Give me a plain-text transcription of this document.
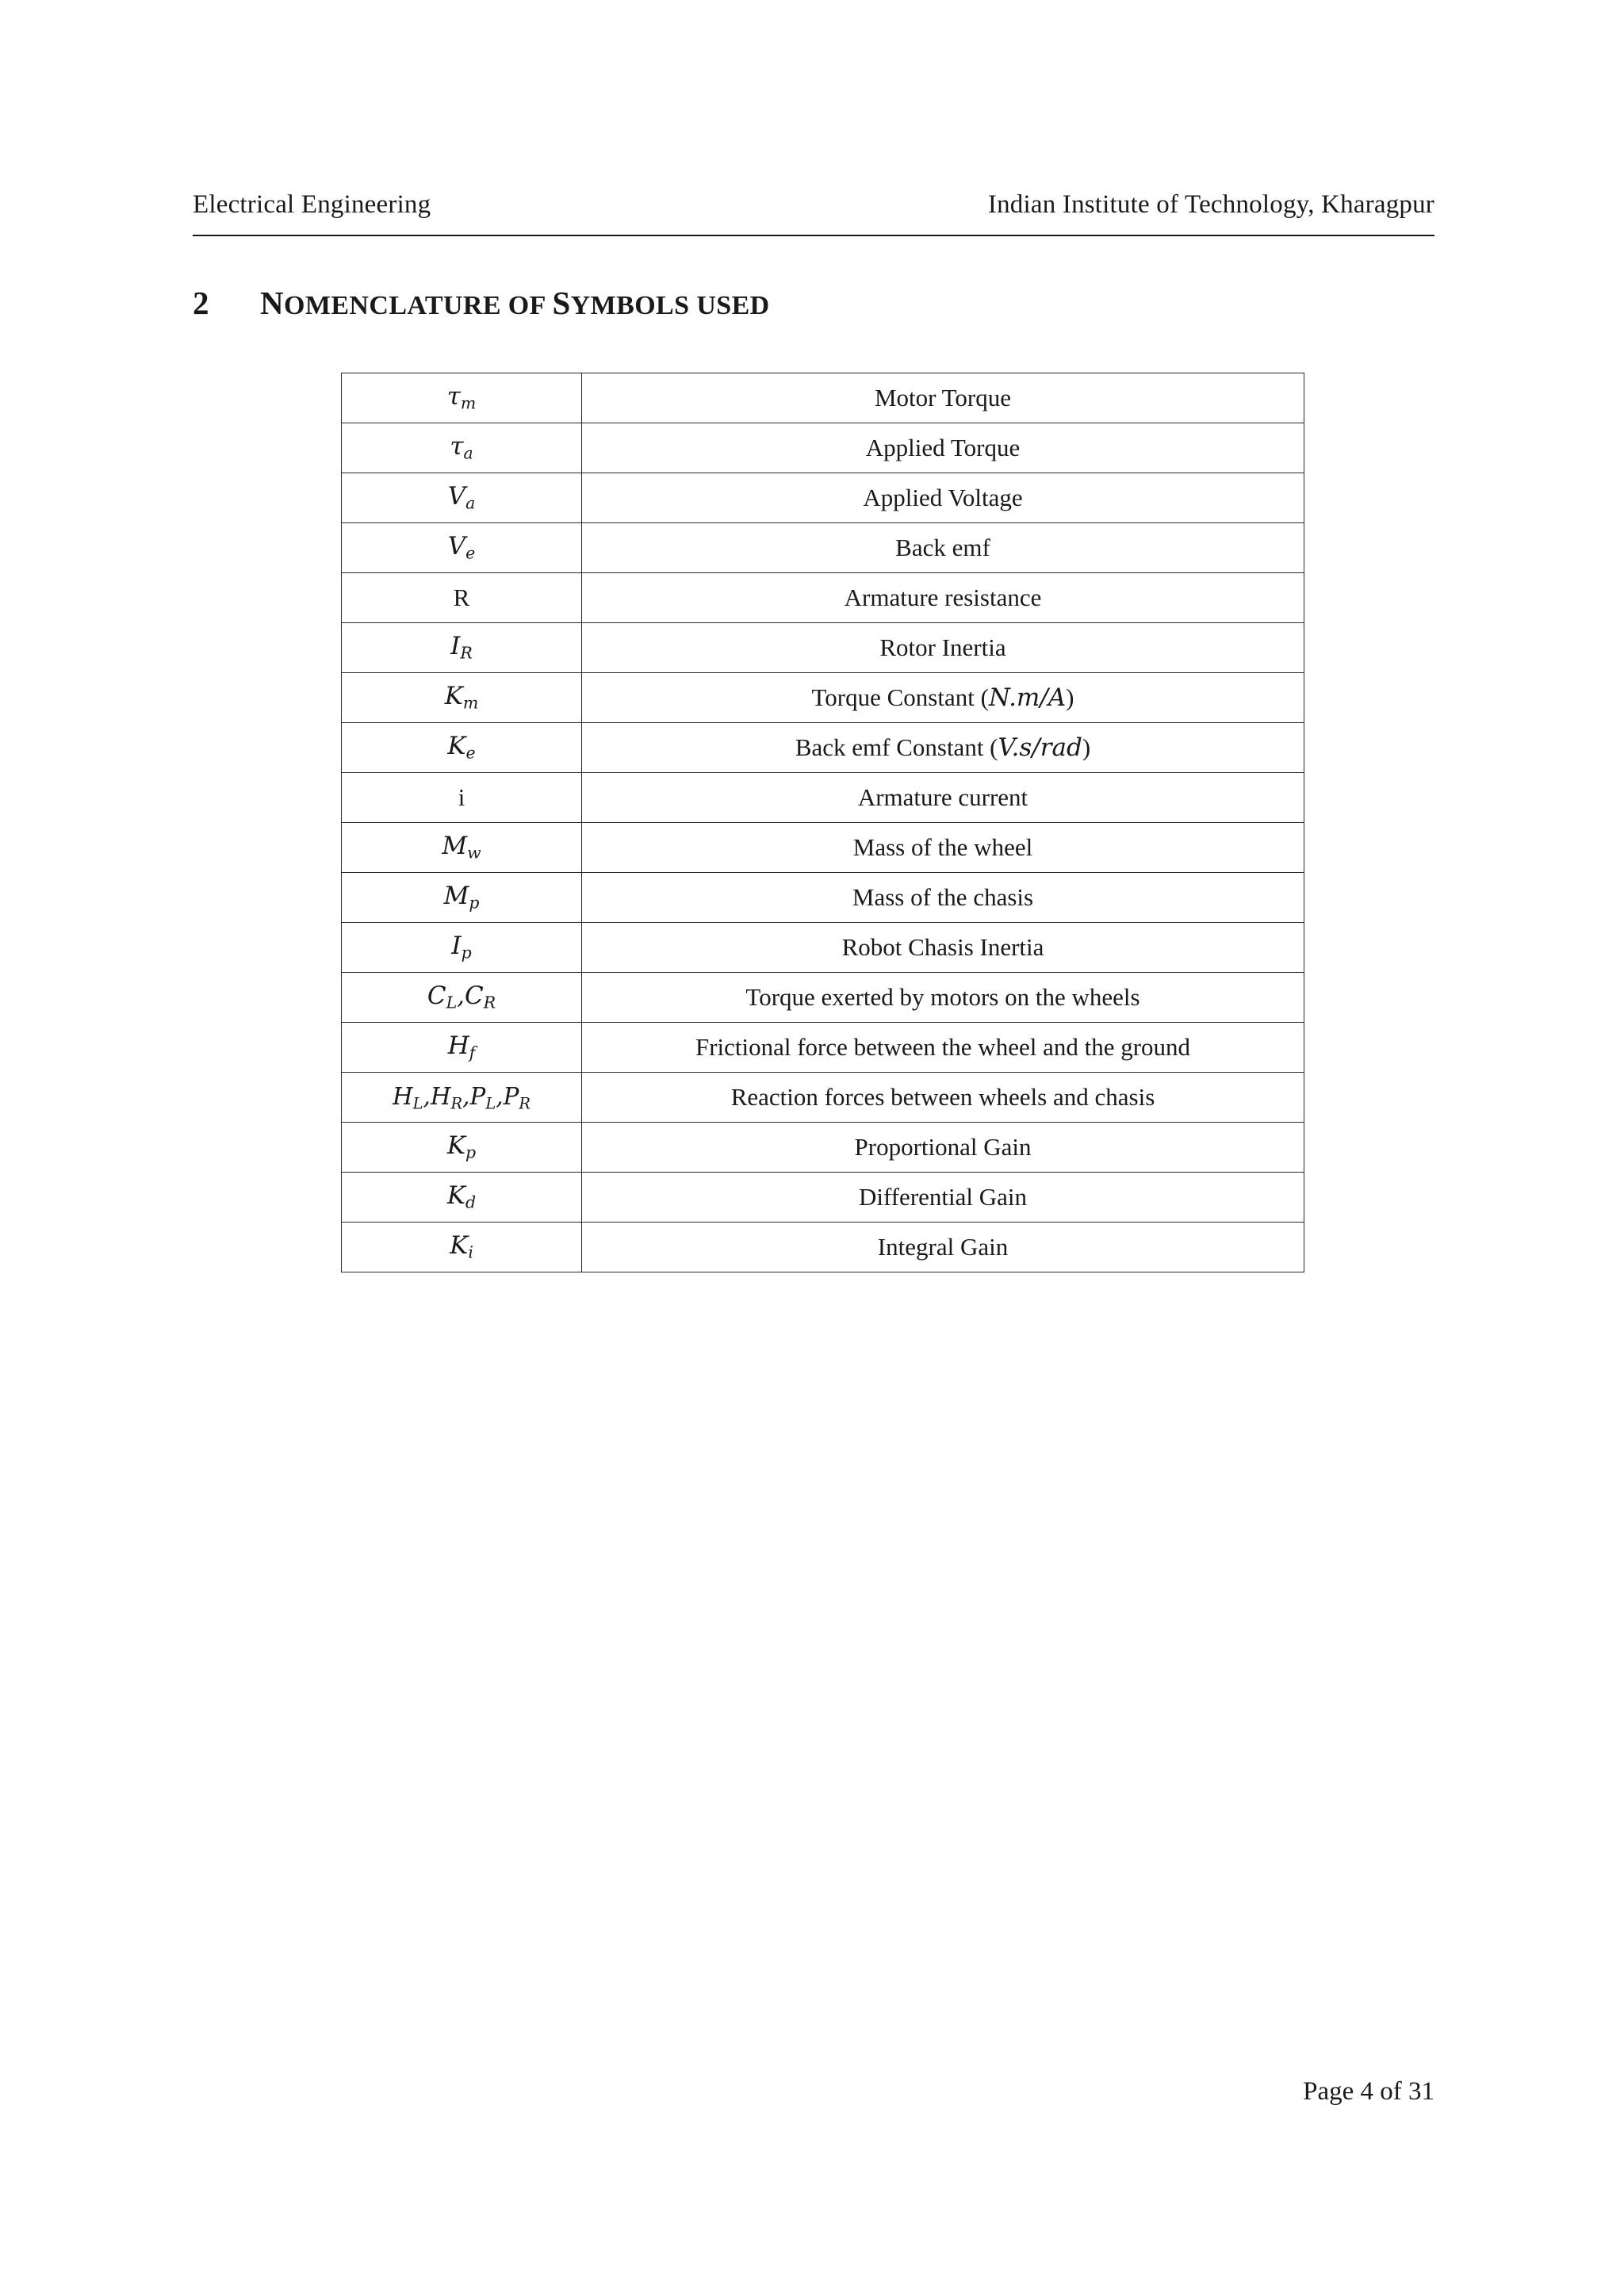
Electrical Engineering	Indian Institute of Technology, Kharagpur
2	NOMENCLATURE OF SYMBOLS USED
$\tau_m$	Motor Torque
$\tau_a$	Applied Torque
$V_a$	Applied Voltage
$V_e$	Back emf
R	Armature resistance
$I_R$	Rotor Inertia
$K_m$	Torque Constant (N.m/A)
$K_e$	Back emf Constant (V.s/rad)
i	Armature current
$M_w$	Mass of the wheel
$M_p$	Mass of the chasis
$I_p$	Robot Chasis Inertia
$C_L,C_R$	Torque exerted by motors on the wheels
$H_f$	Frictional force between the wheel and the ground
$H_L,H_R,P_L,P_R$	Reaction forces between wheels and chasis
$K_p$	Proportional Gain
$K_d$	Differential Gain
$K_i$	Integral Gain
Page 4 of 31
